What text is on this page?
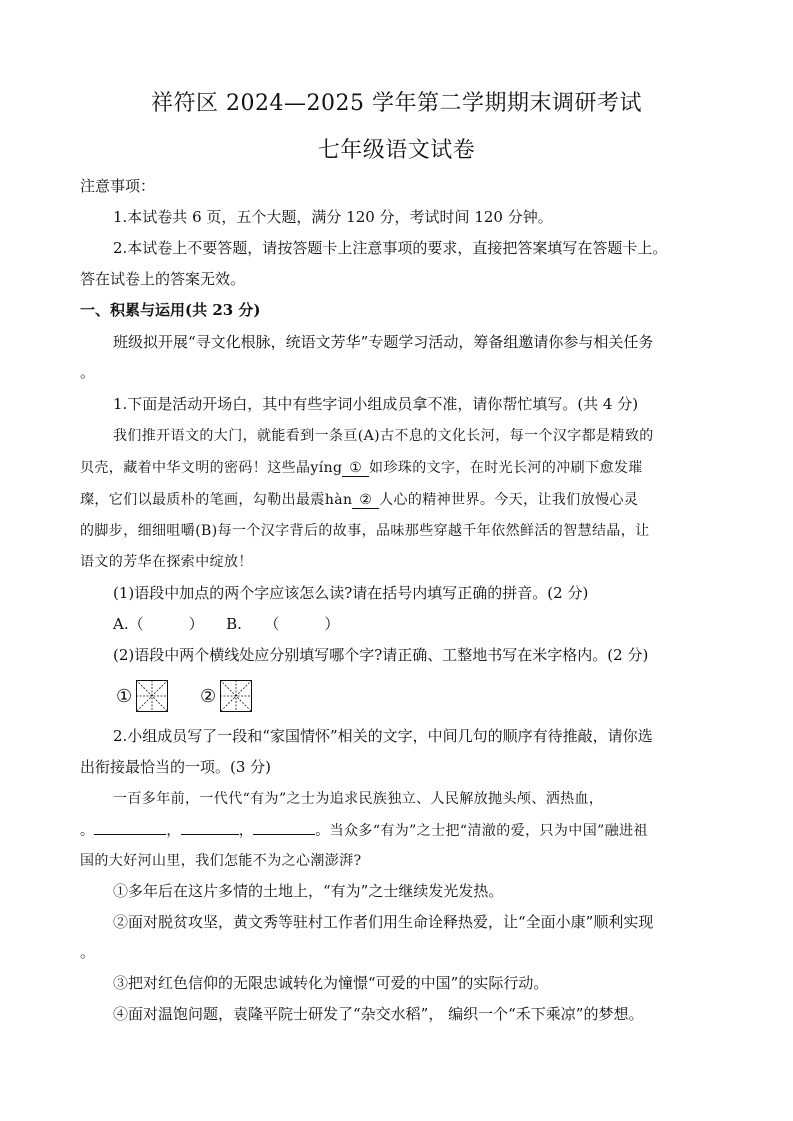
祥符区 2024—2025 学年第二学期期末调研考试
七年级语文试卷
注意事项：
1.本试卷共 6 页，五个大题，满分 120 分，考试时间 120 分钟。
2.本试卷上不要答题，请按答题卡上注意事项的要求，直接把答案填写在答题卡上。
答在试卷上的答案无效。
一、积累与运用(共 23 分)
班级拟开展“寻文化根脉，统语文芳华”专题学习活动，筹备组邀请你参与相关任务
。
1.下面是活动开场白，其中有些字词小组成员拿不准，请你帮忙填写。(共 4 分)
我们推开语文的大门，就能看到一条亘(A)古不息的文化长河，每一个汉字都是精致的
贝壳，藏着中华文明的密码！这些晶yíng ① 如珍珠的文字，在时光长河的冲刷下愈发璀
璨，它们以最质朴的笔画，勾勒出最震hàn ② 人心的精神世界。今天，让我们放慢心灵
的脚步，细细咀嚼(B)每一个汉字背后的故事，品味那些穿越千年依然鲜活的智慧结晶，让
语文的芳华在探索中绽放！
(1)语段中加点的两个字应该怎么读?请在括号内填写正确的拼音。(2 分)
A.（　　　）　　 B.　　（　　　）
(2)语段中两个横线处应分别填写哪个字?请正确、工整地书写在米字格内。(2 分)
①	②
2.小组成员写了一段和“家国情怀”相关的文字，中间几句的顺序有待推敲，请你选
出衔接最恰当的一项。(3 分)
一百多年前，一代代“有为”之士为追求民族独立、人民解放抛头颅、洒热血，
。	，	，	。当众多“有为”之士把“清澈的爱，只为中国”融进祖
国的大好河山里，我们怎能不为之心潮澎湃?
①多年后在这片多情的土地上，“有为”之士继续发光发热。
②面对脱贫攻坚，黄文秀等驻村工作者们用生命诠释热爱，让“全面小康”顺利实现
。
③把对红色信仰的无限忠诚转化为憧憬“可爱的中国”的实际行动。
④面对温饱问题，袁隆平院士研发了“杂交水稻”， 编织一个“禾下乘凉”的梦想。
